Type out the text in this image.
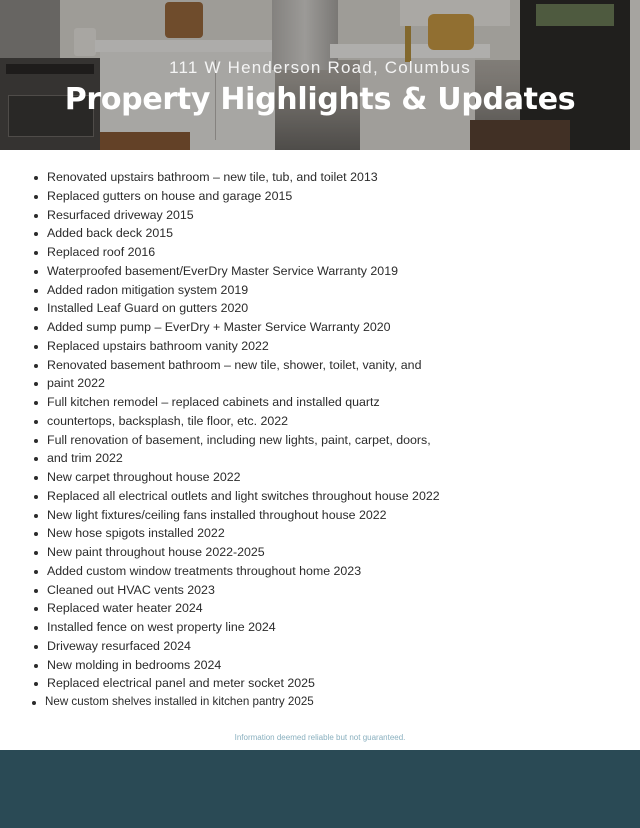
111 W Henderson Road, Columbus
Property Highlights & Updates
Renovated upstairs bathroom – new tile, tub, and toilet 2013
Replaced gutters on house and garage 2015
Resurfaced driveway 2015
Added back deck 2015
Replaced roof 2016
Waterproofed basement/EverDry Master Service Warranty 2019
Added radon mitigation system 2019
Installed Leaf Guard on gutters 2020
Added sump pump – EverDry + Master Service Warranty 2020
Replaced upstairs bathroom vanity 2022
Renovated basement bathroom – new tile, shower, toilet, vanity, and
paint 2022
Full kitchen remodel – replaced cabinets and installed quartz
countertops, backsplash, tile floor, etc. 2022
Full renovation of basement, including new lights, paint, carpet, doors,
and trim 2022
New carpet throughout house 2022
Replaced all electrical outlets and light switches throughout house 2022
New light fixtures/ceiling fans installed throughout house 2022
New hose spigots installed 2022
New paint throughout house 2022-2025
Added custom window treatments throughout home 2023
Cleaned out HVAC vents 2023
Replaced water heater 2024
Installed fence on west property line 2024
Driveway resurfaced 2024
New molding in bedrooms 2024
Replaced electrical panel and meter socket 2025
New custom shelves installed in kitchen pantry 2025
Information deemed reliable but not guaranteed.
